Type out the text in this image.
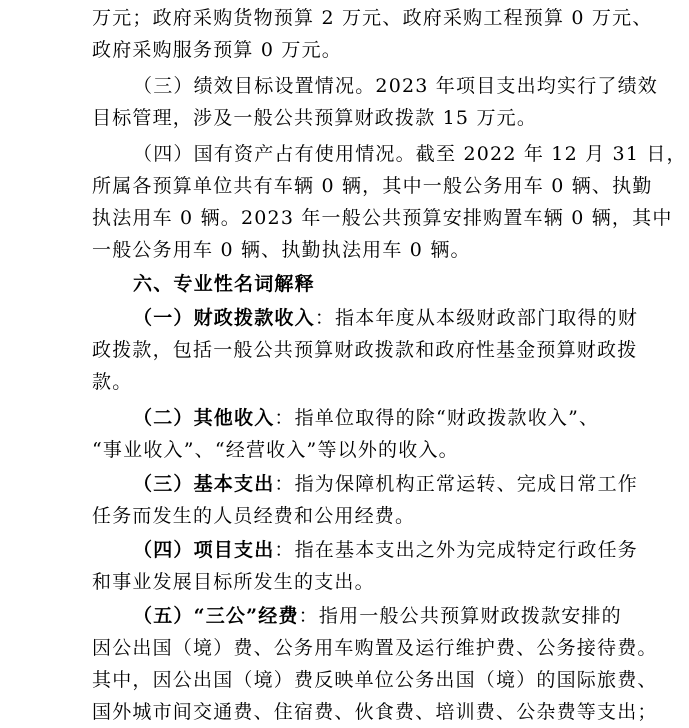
万元；政府采购货物预算 2 万元、政府采购工程预算 0 万元、
政府采购服务预算 0 万元。
（三）绩效目标设置情况。2023 年项目支出均实行了绩效
目标管理，涉及一般公共预算财政拨款 15 万元。
（四）国有资产占有使用情况。截至 2022 年 12 月 31 日，
所属各预算单位共有车辆 0 辆，其中一般公务用车 0 辆、执勤
执法用车 0 辆。2023 年一般公共预算安排购置车辆 0 辆，其中
一般公务用车 0 辆、执勤执法用车 0 辆。
六、专业性名词解释
（一）财政拨款收入：指本年度从本级财政部门取得的财
政拨款，包括一般公共预算财政拨款和政府性基金预算财政拨
款。
（二）其他收入：指单位取得的除“财政拨款收入”、
“事业收入”、“经营收入”等以外的收入。
（三）基本支出：指为保障机构正常运转、完成日常工作
任务而发生的人员经费和公用经费。
（四）项目支出：指在基本支出之外为完成特定行政任务
和事业发展目标所发生的支出。
（五）“三公”经费：指用一般公共预算财政拨款安排的
因公出国（境）费、公务用车购置及运行维护费、公务接待费。
其中，因公出国（境）费反映单位公务出国（境）的国际旅费、
国外城市间交通费、住宿费、伙食费、培训费、公杂费等支出；
